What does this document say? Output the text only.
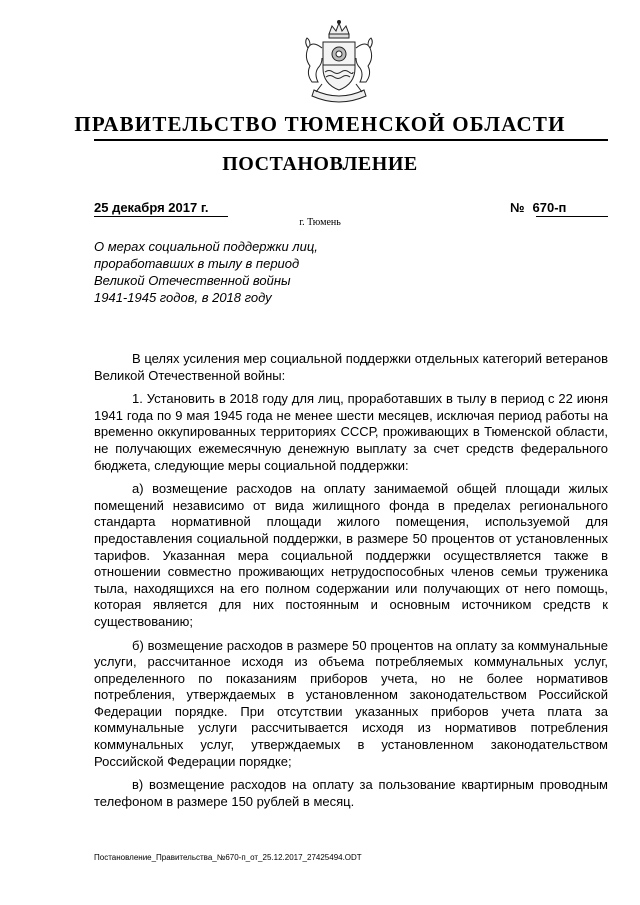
ПРАВИТЕЛЬСТВО ТЮМЕНСКОЙ ОБЛАСТИ
ПОСТАНОВЛЕНИЕ
25 декабря 2017 г.	№ 670-п
г. Тюмень
О мерах социальной поддержки лиц,
проработавших в тылу в период
Великой Отечественной войны
1941-1945 годов, в 2018 году

В целях усиления мер социальной поддержки отдельных категорий ветеранов Великой Отечественной войны:

1. Установить в 2018 году для лиц, проработавших в тылу в период с 22 июня 1941 года по 9 мая 1945 года не менее шести месяцев, исключая период работы на временно оккупированных территориях СССР, проживающих в Тюменской области, не получающих ежемесячную денежную выплату за счет средств федерального бюджета, следующие меры социальной поддержки:

а) возмещение расходов на оплату занимаемой общей площади жилых помещений независимо от вида жилищного фонда в пределах регионального стандарта нормативной площади жилого помещения, используемой для предоставления социальной поддержки, в размере 50 процентов от установленных тарифов. Указанная мера социальной поддержки осуществляется также в отношении совместно проживающих нетрудоспособных членов семьи труженика тыла, находящихся на его полном содержании или получающих от него помощь, которая является для них постоянным и основным источником средств к существованию;

б) возмещение расходов в размере 50 процентов на оплату за коммунальные услуги, рассчитанное исходя из объема потребляемых коммунальных услуг, определенного по показаниям приборов учета, но не более нормативов потребления, утверждаемых в установленном законодательством Российской Федерации порядке. При отсутствии указанных приборов учета плата за коммунальные услуги рассчитывается исходя из нормативов потребления коммунальных услуг, утверждаемых в установленном законодательством Российской Федерации порядке;

в) возмещение расходов на оплату за пользование квартирным проводным телефоном в размере 150 рублей в месяц.

Постановление_Правительства_№670-п_от_25.12.2017_27425494.ODT
